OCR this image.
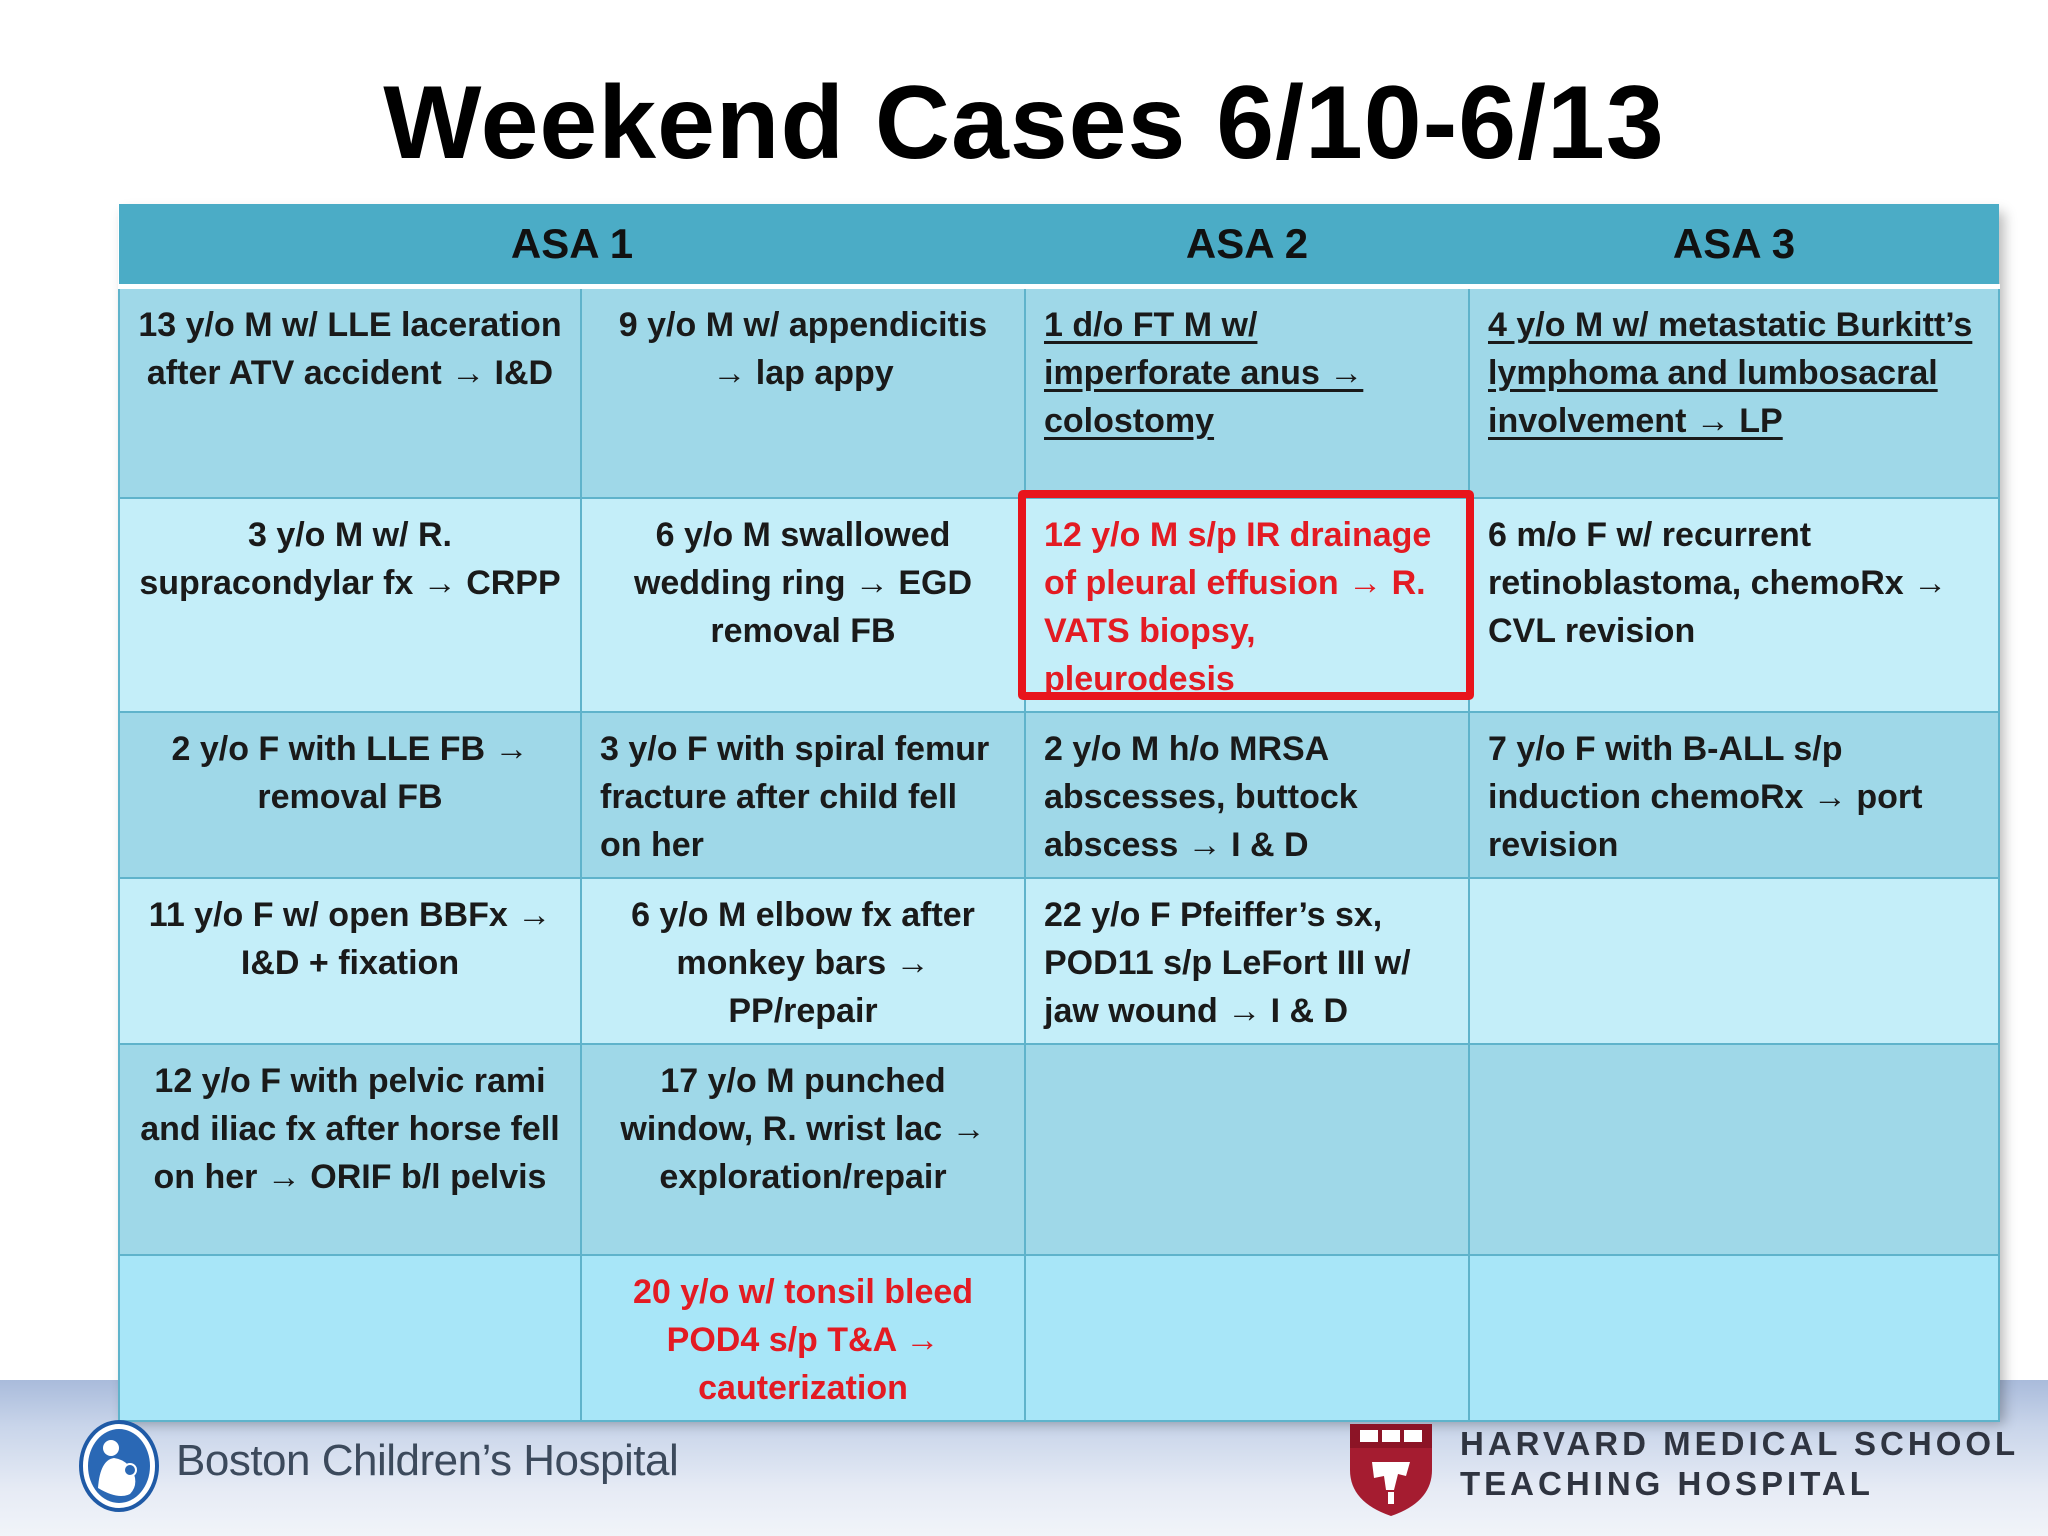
Weekend Cases 6/10-6/13
ASA 1		ASA 2	ASA 3
13 y/o M w/ LLE laceration after ATV accident → I&D	9 y/o M w/ appendicitis → lap appy	1 d/o FT M w/ imperforate anus → colostomy	4 y/o M w/ metastatic Burkitt’s lymphoma and lumbosacral involvement → LP
3 y/o M w/ R. supracondylar fx → CRPP	6 y/o M swallowed wedding ring → EGD removal FB	12 y/o M s/p IR drainage of pleural effusion → R. VATS biopsy, pleurodesis	6 m/o F w/ recurrent retinoblastoma, chemoRx → CVL revision
2 y/o F with LLE FB → removal FB	3 y/o F with spiral femur fracture after child fell on her	2 y/o M h/o MRSA abscesses, buttock abscess → I & D	7 y/o F with B-ALL s/p induction chemoRx → port revision
11 y/o F w/ open BBFx → I&D + fixation	6 y/o M elbow fx after monkey bars → PP/repair	22 y/o F Pfeiffer’s sx, POD11 s/p LeFort III w/ jaw wound → I & D	
12 y/o F with pelvic rami and iliac fx after horse fell on her → ORIF b/l pelvis	17 y/o M punched window, R. wrist lac → exploration/repair		
	20 y/o w/ tonsil bleed POD4 s/p T&A → cauterization		
Boston Children’s Hospital	HARVARD MEDICAL SCHOOL
TEACHING HOSPITAL
